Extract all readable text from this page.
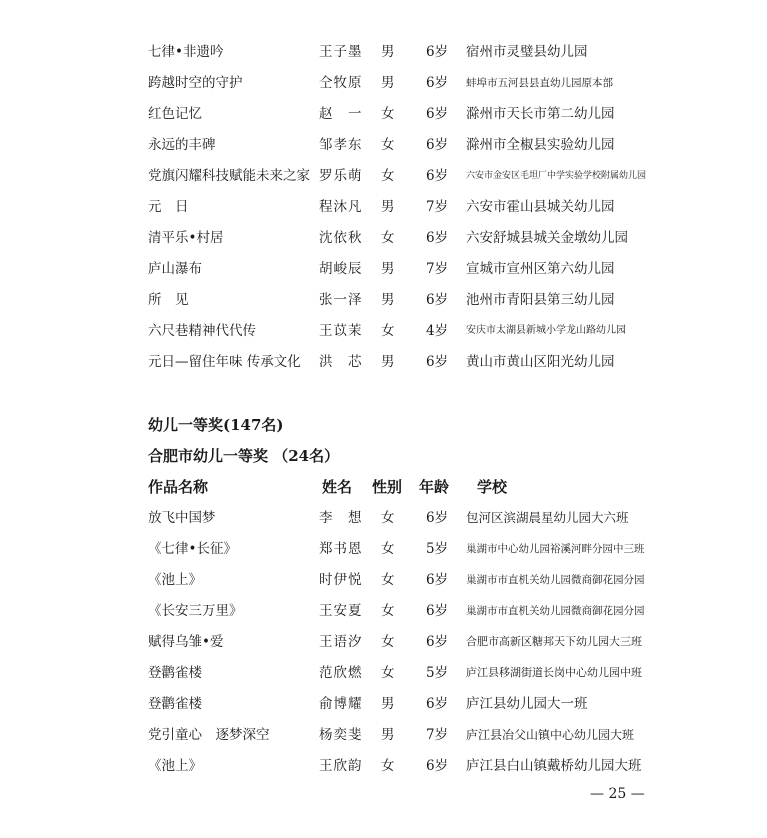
七律•非遗吟	王子墨 男 6岁 宿州市灵璧县幼儿园
跨越时空的守护	仝牧原 男 6岁 蚌埠市五河县县直幼儿园原本部
红色记忆	赵　一 女 6岁 滁州市天长市第二幼儿园
永远的丰碑	邹孝东 女 6岁 滁州市全椒县实验幼儿园
党旗闪耀科技赋能未来之家 罗乐萌 女 6岁 六安市金安区毛坦厂中学实验学校附属幼儿园
元　日	程沐凡 男 7岁 六安市霍山县城关幼儿园
清平乐•村居	沈依秋 女 6岁 六安舒城县城关金墩幼儿园
庐山瀑布	胡峻辰 男 7岁 宣城市宣州区第六幼儿园
所　见	张一泽 男 6岁 池州市青阳县第三幼儿园
六尺巷精神代代传	王苡茉 女 4岁 安庆市太湖县新城小学龙山路幼儿园
元日—留住年味 传承文化 洪　芯 男 6岁 黄山市黄山区阳光幼儿园
幼儿一等奖(147名)
合肥市幼儿一等奖 （24名）
作品名称	姓名 性别 年龄 学校
放飞中国梦	李　想 女 6岁 包河区滨湖晨星幼儿园大六班
《七律•长征》	郑书恩 女 5岁 巢湖市中心幼儿园裕溪河畔分园中三班
《池上》	时伊悦 女 6岁 巢湖市市直机关幼儿园微商御花园分园
《长安三万里》	王安夏 女 6岁 巢湖市市直机关幼儿园微商御花园分园
赋得乌雏•爱	王语汐 女 6岁 合肥市高新区糖邦天下幼儿园大三班
登鹳雀楼	范欣燃 女 5岁 庐江县移湖街道长岗中心幼儿园中班
登鹳雀楼	俞博耀 男 6岁 庐江县幼儿园大一班
党引童心　逐梦深空	杨奕斐 男 7岁 庐江县冶父山镇中心幼儿园大班
《池上》	王欣韵 女 6岁 庐江县白山镇戴桥幼儿园大班
— 25 —
